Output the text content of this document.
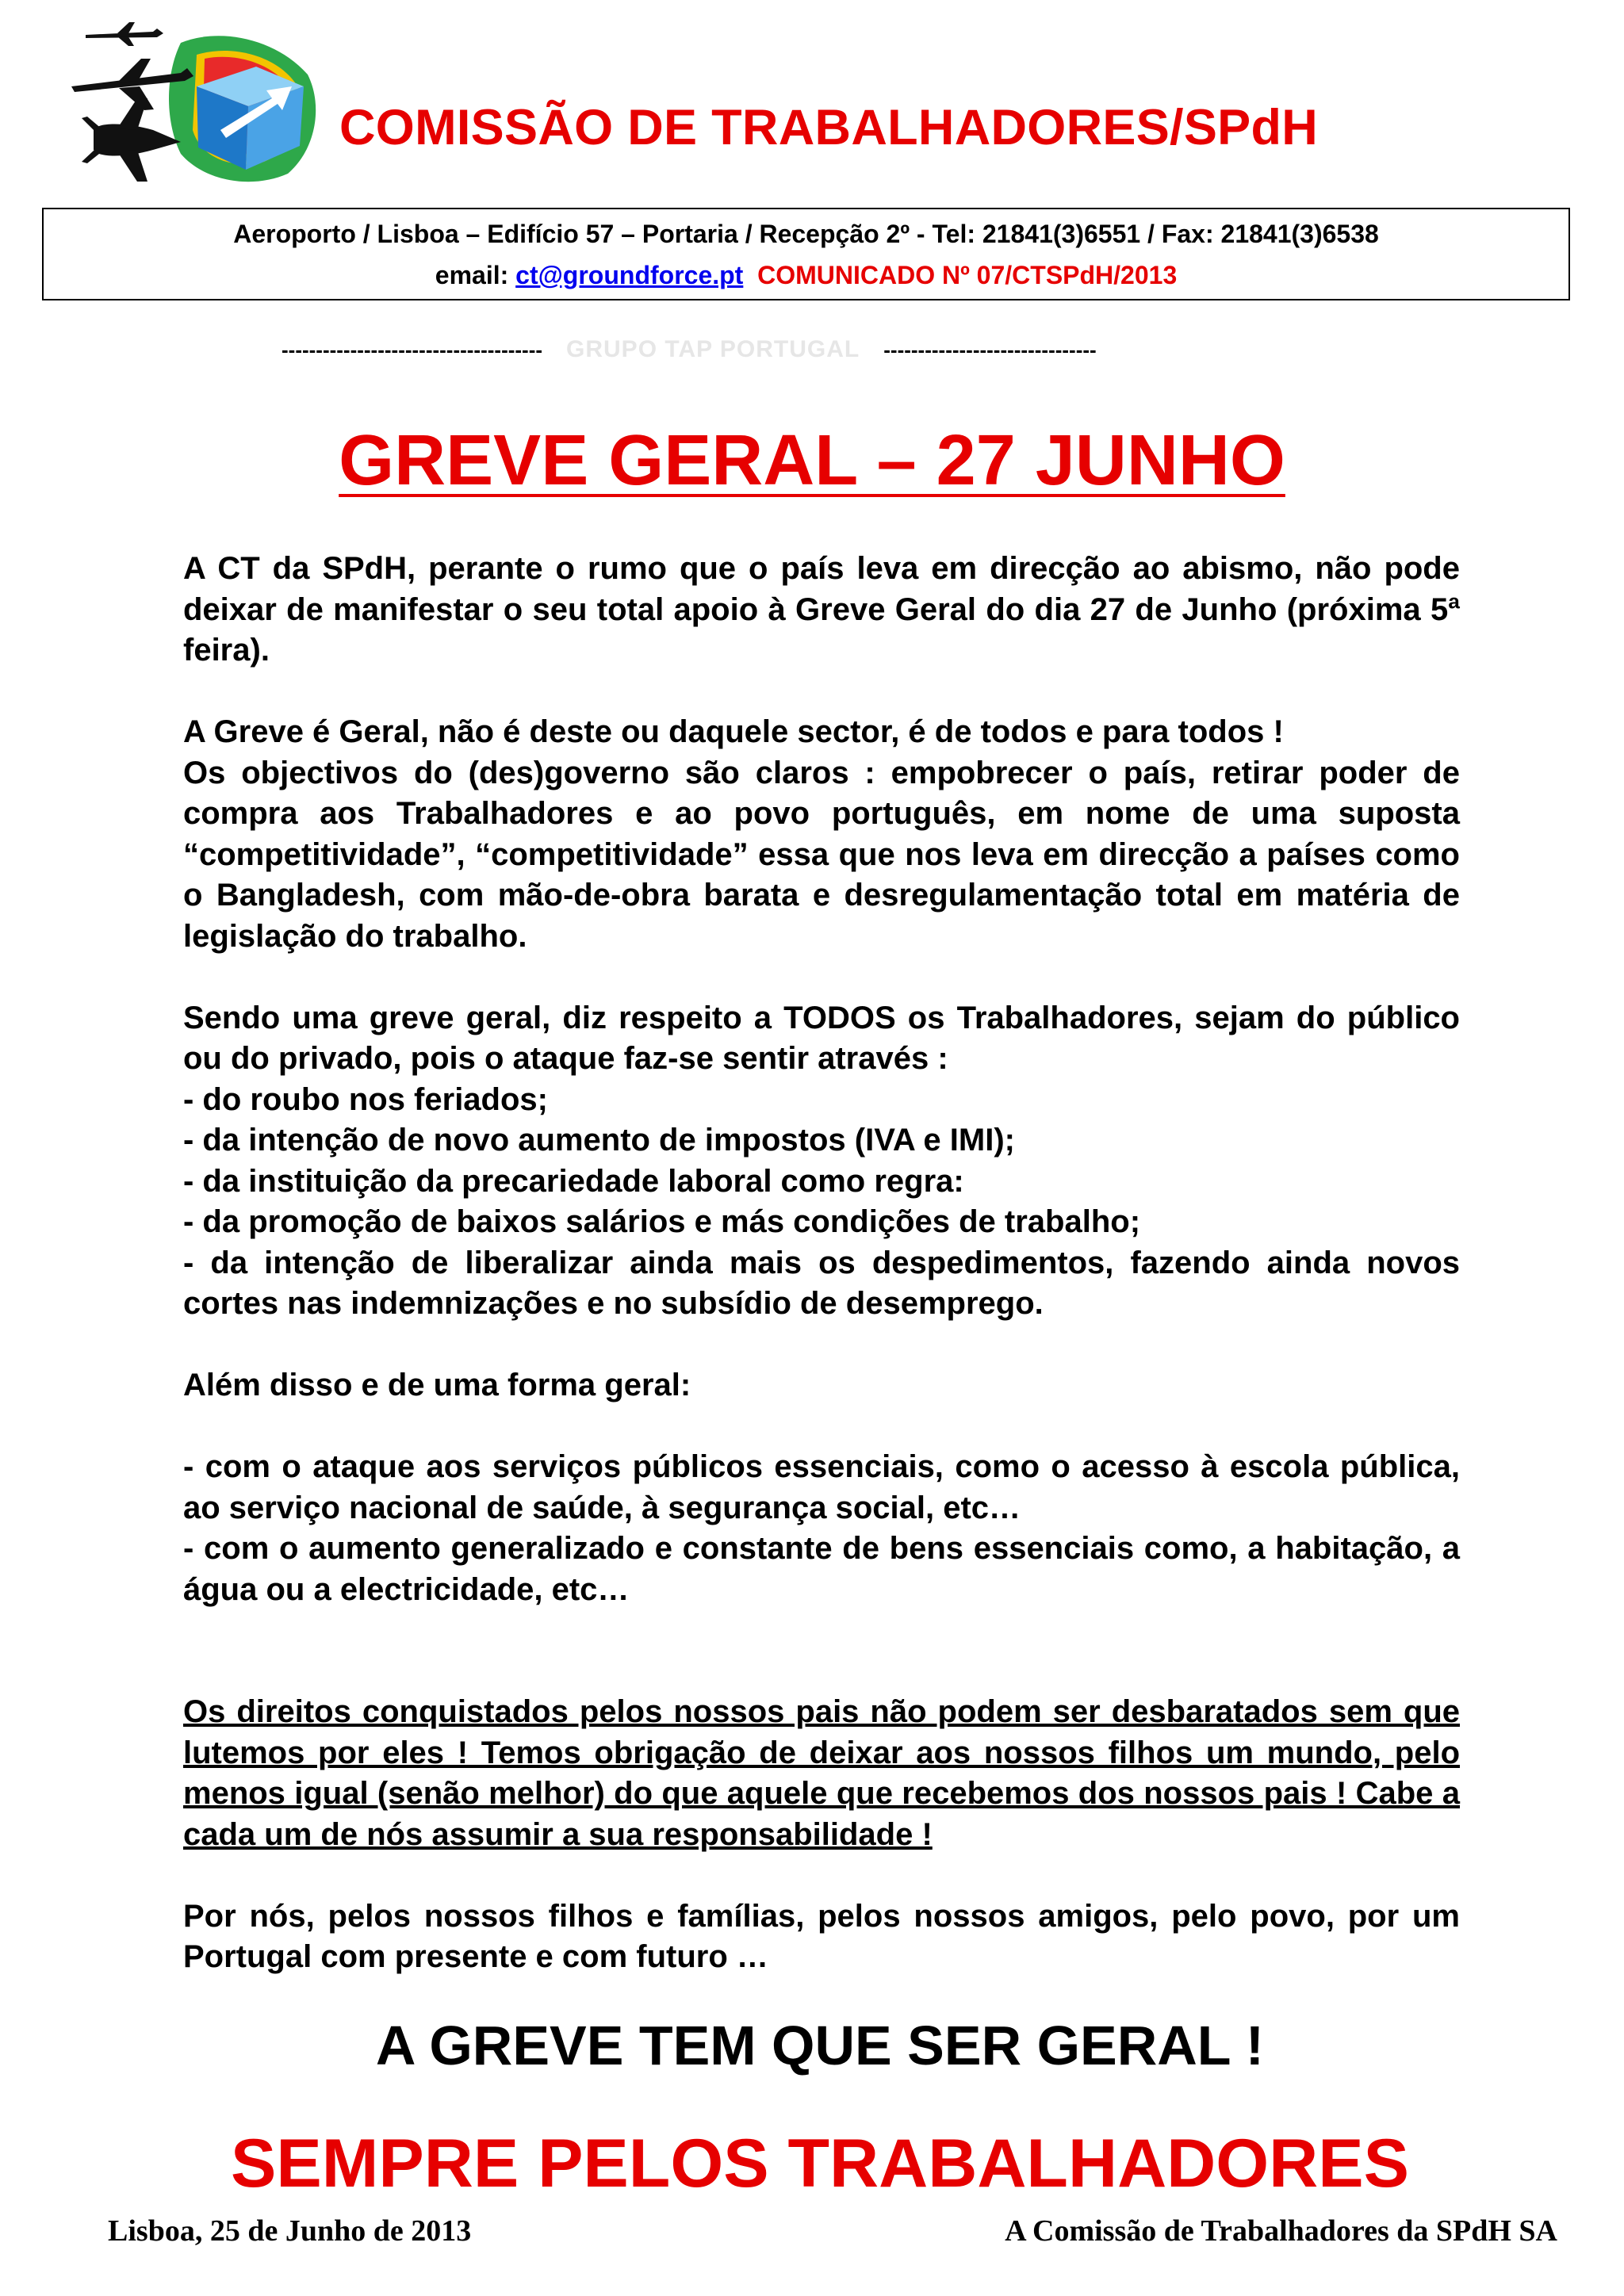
COMISSÃO DE TRABALHADORES/SPdH
Aeroporto / Lisboa – Edifício 57 – Portaria / Recepção 2º - Tel: 21841(3)6551 / Fax: 21841(3)6538
email: ct@groundforce.pt COMUNICADO Nº 07/CTSPdH/2013
-------------------------------------- GRUPO TAP PORTUGAL -------------------------------
GREVE GERAL – 27 JUNHO

A CT da SPdH, perante o rumo que o país leva em direcção ao abismo, não pode deixar de manifestar o seu total apoio à Greve Geral do dia 27 de Junho (próxima 5ª feira).

A Greve é Geral, não é deste ou daquele sector, é de todos e para todos !

Os objectivos do (des)governo são claros : empobrecer o país, retirar poder de compra aos Trabalhadores e ao povo português, em nome de uma suposta “competitividade”, “competitividade” essa que nos leva em direcção a países como o Bangladesh, com mão-de-obra barata e desregulamentação total em matéria de legislação do trabalho.

Sendo uma greve geral, diz respeito a TODOS os Trabalhadores, sejam do público ou do privado, pois o ataque faz-se sentir através :

- do roubo nos feriados;

- da intenção de novo aumento de impostos (IVA e IMI);

- da instituição da precariedade laboral como regra:

- da promoção de baixos salários e más condições de trabalho;

- da intenção de liberalizar ainda mais os despedimentos, fazendo ainda novos cortes nas indemnizações e no subsídio de desemprego.

Além disso e de uma forma geral:

- com o ataque aos serviços públicos essenciais, como o acesso à escola pública, ao serviço nacional de saúde, à segurança social, etc…

- com o aumento generalizado e constante de bens essenciais como, a habitação, a água ou a electricidade, etc…

Os direitos conquistados pelos nossos pais não podem ser desbaratados sem que lutemos por eles ! Temos obrigação de deixar aos nossos filhos um mundo, pelo menos igual (senão melhor) do que aquele que recebemos dos nossos pais ! Cabe a cada um de nós assumir a sua responsabilidade !

Por nós, pelos nossos filhos e famílias, pelos nossos amigos, pelo povo, por um Portugal com presente e com futuro …

A GREVE TEM QUE SER GERAL !
SEMPRE PELOS TRABALHADORES
Lisboa, 25 de Junho de 2013	A Comissão de Trabalhadores da SPdH SA
